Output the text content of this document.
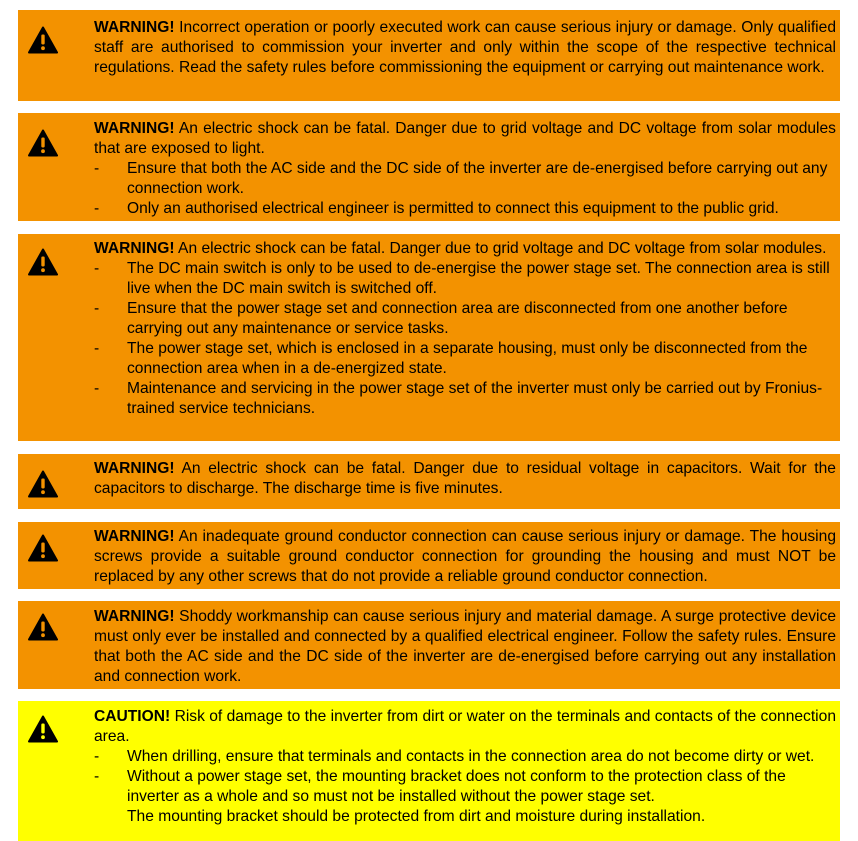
WARNING! Incorrect operation or poorly executed work can cause serious injury or damage. Only qualified staff are authorised to commission your inverter and only within the scope of the respective technical regulations. Read the safety rules before commissioning the equipment or carrying out maintenance work.

WARNING! An electric shock can be fatal. Danger due to grid voltage and DC voltage from solar modules that are exposed to light.

- Ensure that both the AC side and the DC side of the inverter are de-energised before carrying out any connection work.
- Only an authorised electrical engineer is permitted to connect this equipment to the public grid.

WARNING! An electric shock can be fatal. Danger due to grid voltage and DC voltage from solar modules.

- The DC main switch is only to be used to de-energise the power stage set. The connection area is still live when the DC main switch is switched off.
- Ensure that the power stage set and connection area are disconnected from one another before carrying out any maintenance or service tasks.
- The power stage set, which is enclosed in a separate housing, must only be disconnected from the connection area when in a de-energized state.
- Maintenance and servicing in the power stage set of the inverter must only be carried out by Fronius-trained service technicians.

WARNING! An electric shock can be fatal. Danger due to residual voltage in capacitors. Wait for the capacitors to discharge. The discharge time is five minutes.

WARNING! An inadequate ground conductor connection can cause serious injury or damage. The housing screws provide a suitable ground conductor connection for grounding the housing and must NOT be replaced by any other screws that do not provide a reliable ground conductor connection.

WARNING! Shoddy workmanship can cause serious injury and material damage. A surge protective device must only ever be installed and connected by a qualified electrical engineer. Follow the safety rules. Ensure that both the AC side and the DC side of the inverter are de-energised before carrying out any installation and connection work.

CAUTION! Risk of damage to the inverter from dirt or water on the terminals and contacts of the connection area.

- When drilling, ensure that terminals and contacts in the connection area do not become dirty or wet.
- Without a power stage set, the mounting bracket does not conform to the protection class of the inverter as a whole and so must not be installed without the power stage set.
The mounting bracket should be protected from dirt and moisture during installation.
